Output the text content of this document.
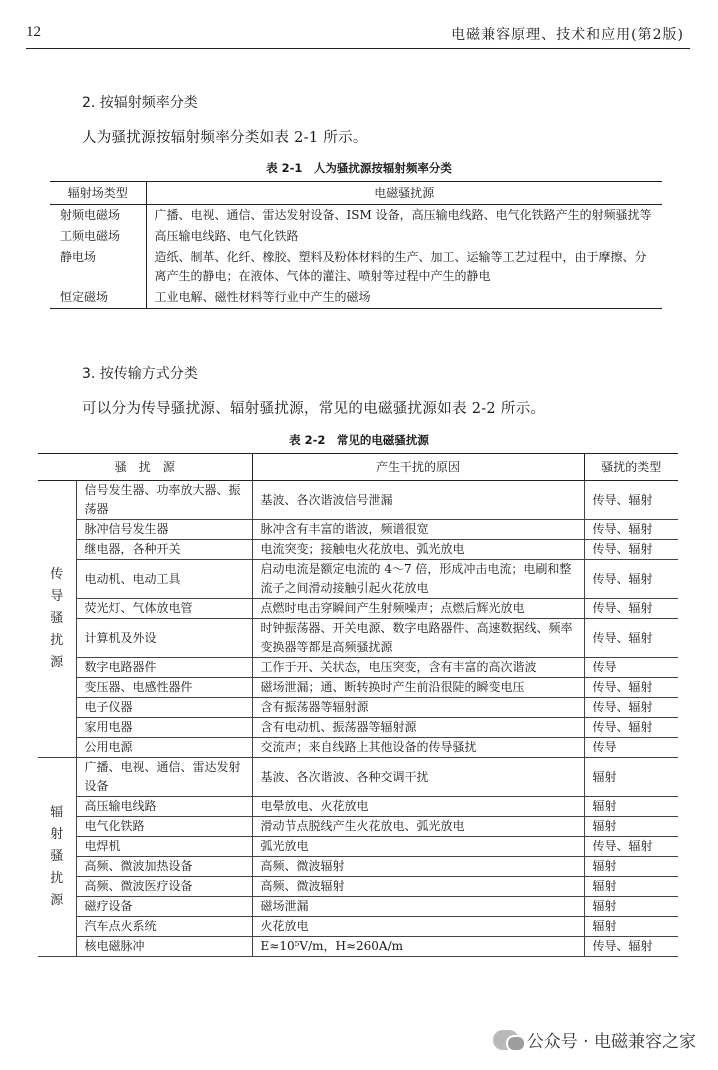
12	电磁兼容原理、技术和应用(第2版)
2. 按辐射频率分类
人为骚扰源按辐射频率分类如表 2-1 所示。
表 2-1　人为骚扰源按辐射频率分类
辐射场类型	电磁骚扰源
射频电磁场	广播、电视、通信、雷达发射设备、ISM 设备，高压输电线路、电气化铁路产生的射频骚扰等
工频电磁场	高压输电线路、电气化铁路
静电场	造纸、制革、化纤、橡胶、塑料及粉体材料的生产、加工、运输等工艺过程中，由于摩擦、分离产生的静电；在液体、气体的灌注、喷射等过程中产生的静电
恒定磁场	工业电解、磁性材料等行业中产生的磁场
3. 按传输方式分类
可以分为传导骚扰源、辐射骚扰源，常见的电磁骚扰源如表 2-2 所示。
表 2-2　常见的电磁骚扰源
骚　扰　源		产生干扰的原因	骚扰的类型

传导骚扰源	信号发生器、功率放大器、振荡器	基波、各次谐波信号泄漏	传导、辐射
	脉冲信号发生器	脉冲含有丰富的谐波，频谱很宽	传导、辐射
	继电器，各种开关	电流突变；接触电火花放电、弧光放电	传导、辐射
	电动机、电动工具	启动电流是额定电流的 4～7 倍，形成冲击电流；电刷和整流子之间滑动接触引起火花放电	传导、辐射
	荧光灯、气体放电管	点燃时电击穿瞬间产生射频噪声；点燃后辉光放电	传导、辐射
	计算机及外设	时钟振荡器、开关电源、数字电路器件、高速数据线、频率变换器等都是高频骚扰源	传导、辐射
	数字电路器件	工作于开、关状态，电压突变，含有丰富的高次谐波	传导
	变压器、电感性器件	磁场泄漏；通、断转换时产生前沿很陡的瞬变电压	传导、辐射
	电子仪器	含有振荡器等辐射源	传导、辐射
	家用电器	含有电动机、振荡器等辐射源	传导、辐射
	公用电源	交流声；来自线路上其他设备的传导骚扰	传导

辐射骚扰源	广播、电视、通信、雷达发射设备	基波、各次谐波、各种交调干扰	辐射
	高压输电线路	电晕放电、火花放电	辐射
	电气化铁路	滑动节点脱线产生火花放电、弧光放电	辐射
	电焊机	弧光放电	传导、辐射
	高频、微波加热设备	高频、微波辐射	辐射
	高频、微波医疗设备	高频、微波辐射	辐射
	磁疗设备	磁场泄漏	辐射
	汽车点火系统	火花放电	辐射
	核电磁脉冲	E≈10⁵V/m，H≈260A/m	传导、辐射
公众号 · 电磁兼容之家
